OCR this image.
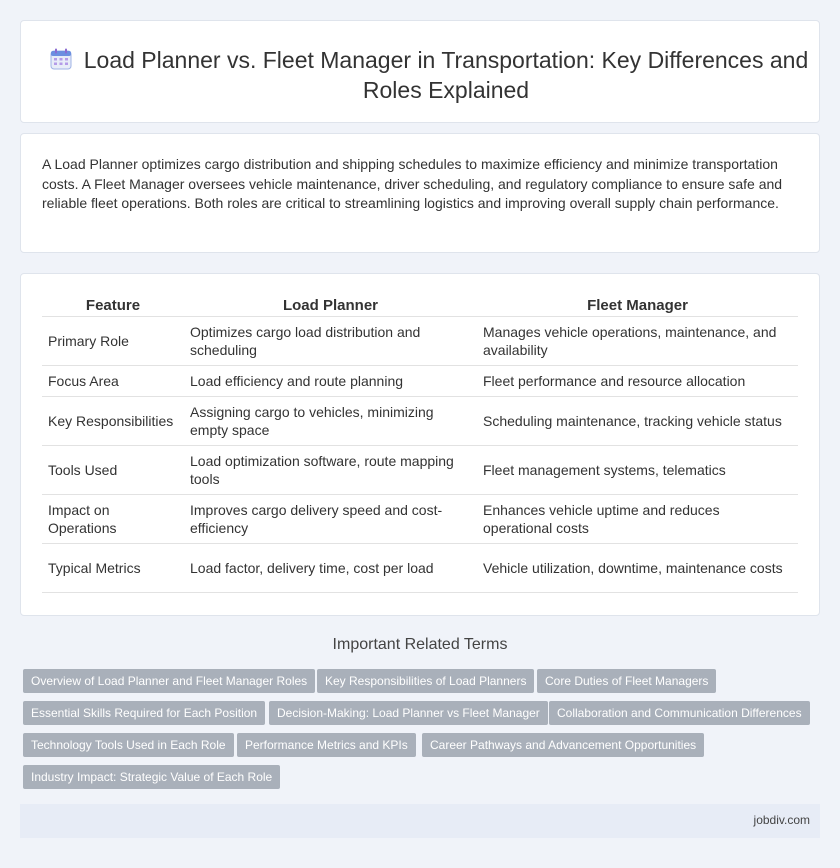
Load Planner vs. Fleet Manager in Transportation: Key Differences and Roles Explained

A Load Planner optimizes cargo distribution and shipping schedules to maximize efficiency and minimize transportation costs. A Fleet Manager oversees vehicle maintenance, driver scheduling, and regulatory compliance to ensure safe and reliable fleet operations. Both roles are critical to streamlining logistics and improving overall supply chain performance.

Feature	Load Planner	Fleet Manager
Primary Role	Optimizes cargo load distribution and scheduling	Manages vehicle operations, maintenance, and availability
Focus Area	Load efficiency and route planning	Fleet performance and resource allocation
Key Responsibilities	Assigning cargo to vehicles, minimizing empty space	Scheduling maintenance, tracking vehicle status
Tools Used	Load optimization software, route mapping tools	Fleet management systems, telematics
Impact on Operations	Improves cargo delivery speed and cost-efficiency	Enhances vehicle uptime and reduces operational costs
Typical Metrics	Load factor, delivery time, cost per load	Vehicle utilization, downtime, maintenance costs
Important Related Terms
Overview of Load Planner and Fleet Manager Roles	Key Responsibilities of Load Planners	Core Duties of Fleet Managers
Essential Skills Required for Each Position	Decision-Making: Load Planner vs Fleet Manager	Collaboration and Communication Differences
Technology Tools Used in Each Role	Performance Metrics and KPIs	Career Pathways and Advancement Opportunities
Industry Impact: Strategic Value of Each Role
jobdiv.com
